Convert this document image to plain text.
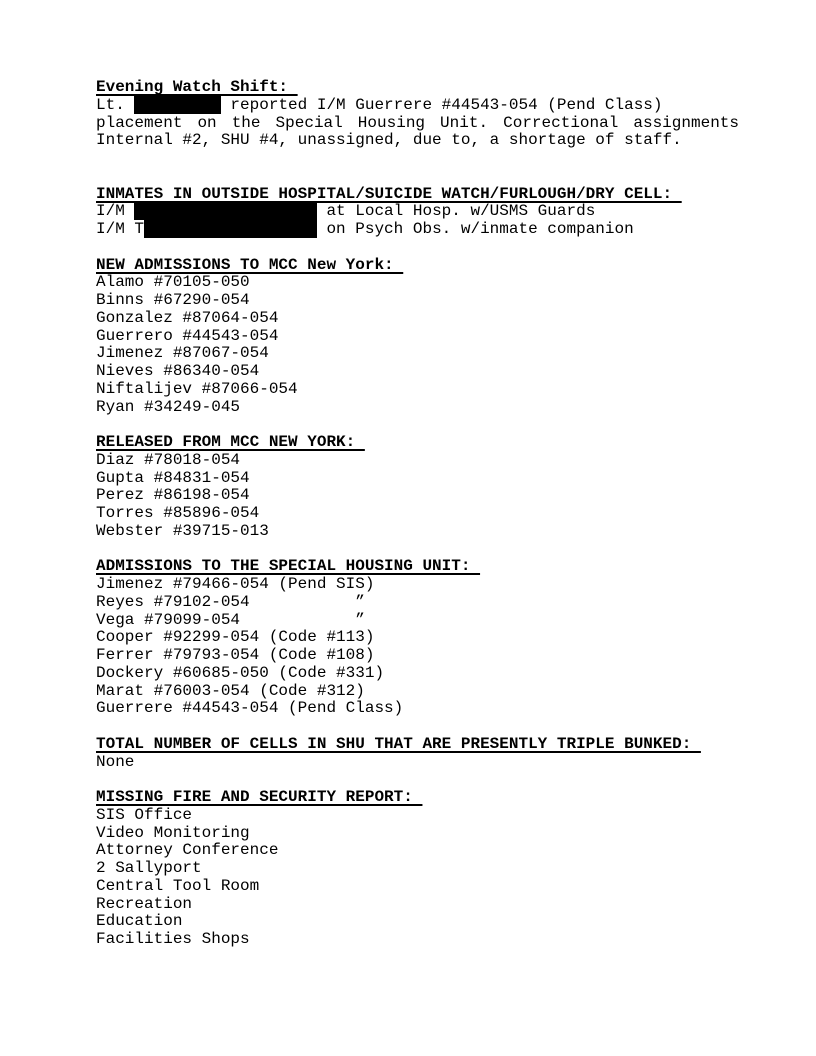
Evening Watch Shift:
Lt.	reported I/M Guerrere #44543-054 (Pend Class)
placement on the Special Housing Unit. Correctional assignments
Internal #2, SHU #4, unassigned, due to, a shortage of staff.
INMATES IN OUTSIDE HOSPITAL/SUICIDE WATCH/FURLOUGH/DRY CELL:
I/M	at Local Hosp. w/USMS Guards
I/M T	on Psych Obs. w/inmate companion
NEW ADMISSIONS TO MCC New York:
Alamo #70105-050
Binns #67290-054
Gonzalez #87064-054
Guerrero #44543-054
Jimenez #87067-054
Nieves #86340-054
Niftalijev #87066-054
Ryan #34249-045
RELEASED FROM MCC NEW YORK:
Diaz #78018-054
Gupta #84831-054
Perez #86198-054
Torres #85896-054
Webster #39715-013
ADMISSIONS TO THE SPECIAL HOUSING UNIT:
Jimenez #79466-054 (Pend SIS)
Reyes #79102-054           ”
Vega #79099-054            ”
Cooper #92299-054 (Code #113)
Ferrer #79793-054 (Code #108)
Dockery #60685-050 (Code #331)
Marat #76003-054 (Code #312)
Guerrere #44543-054 (Pend Class)
TOTAL NUMBER OF CELLS IN SHU THAT ARE PRESENTLY TRIPLE BUNKED:
None
MISSING FIRE AND SECURITY REPORT:
SIS Office
Video Monitoring
Attorney Conference
2 Sallyport
Central Tool Room
Recreation
Education
Facilities Shops
